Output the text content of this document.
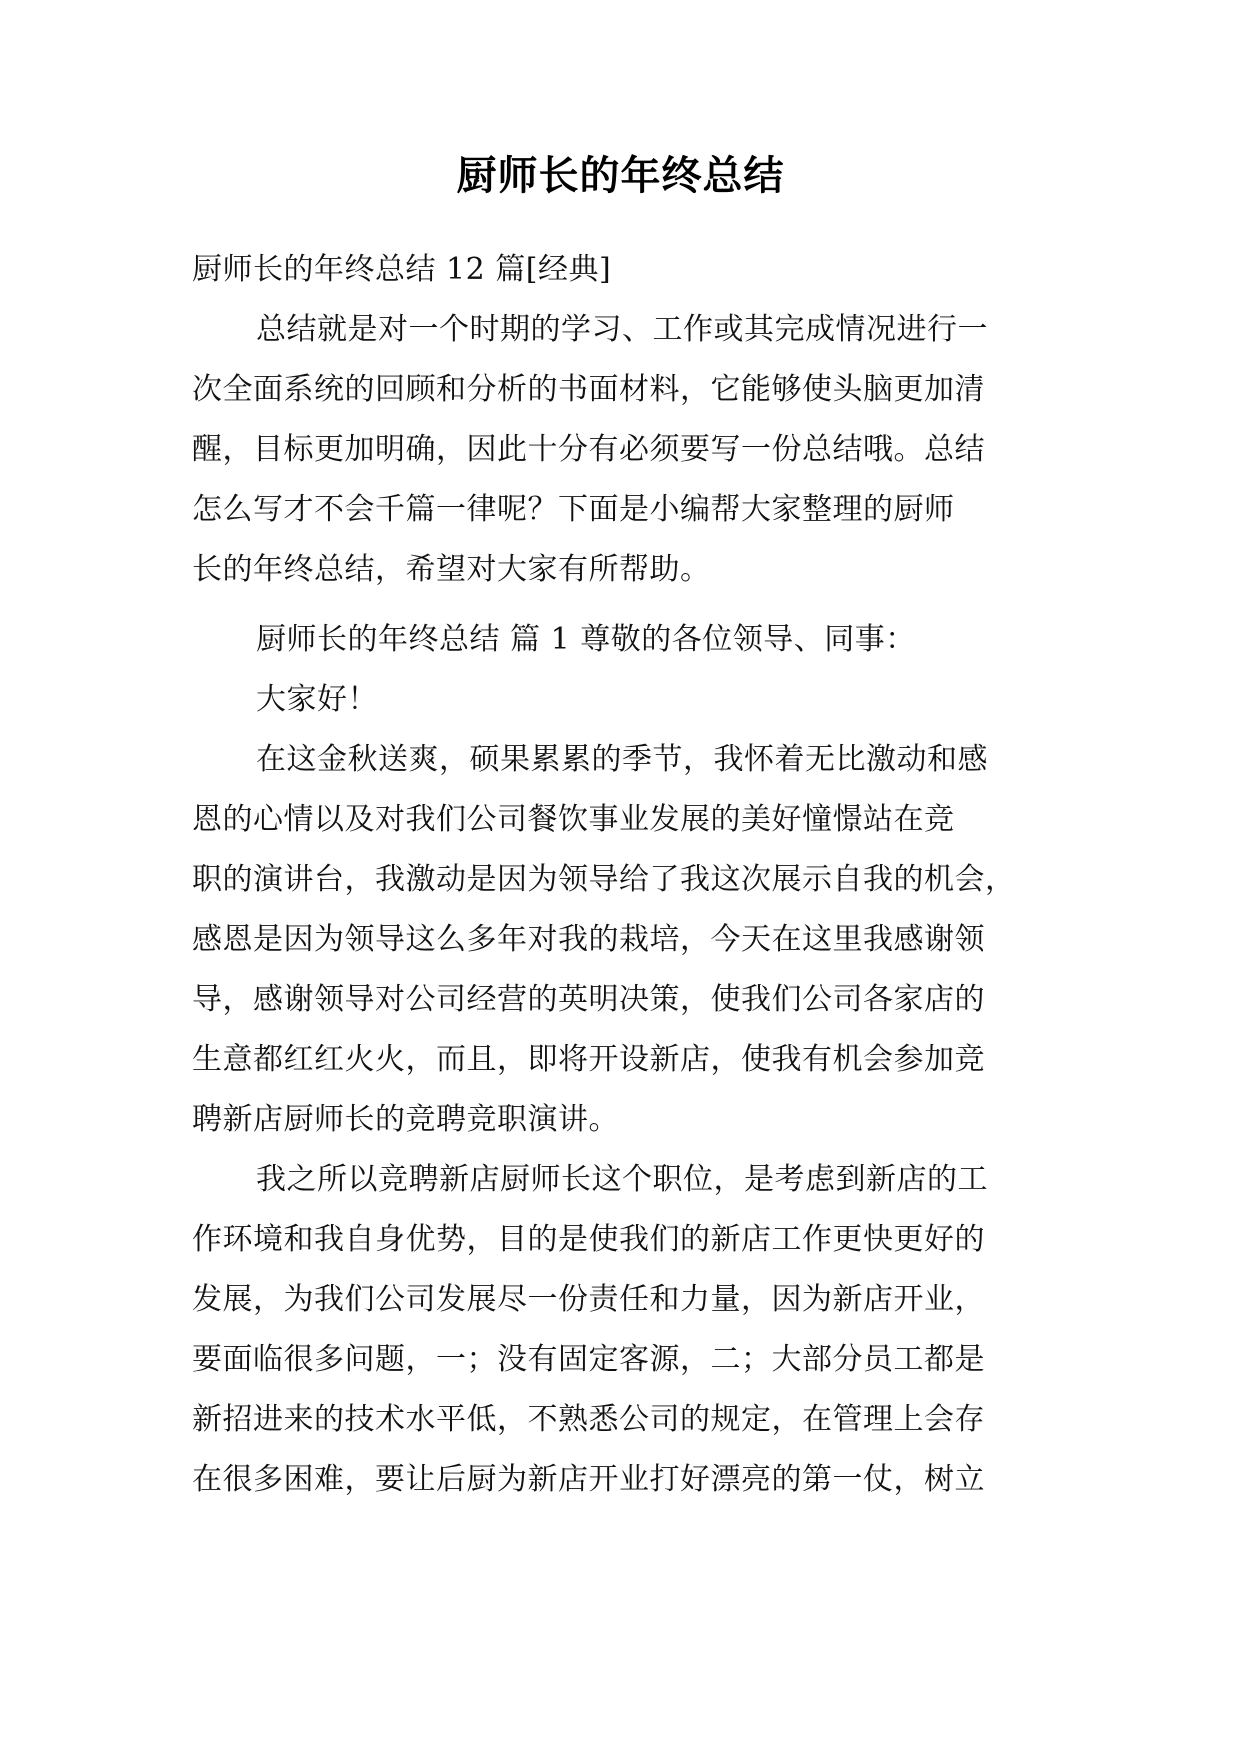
厨师长的年终总结
厨师长的年终总结 12 篇[经典]
总结就是对一个时期的学习、工作或其完成情况进行一
次全面系统的回顾和分析的书面材料，它能够使头脑更加清
醒，目标更加明确，因此十分有必须要写一份总结哦。总结
怎么写才不会千篇一律呢？下面是小编帮大家整理的厨师
长的年终总结，希望对大家有所帮助。
厨师长的年终总结 篇 1 尊敬的各位领导、同事：
大家好！
在这金秋送爽，硕果累累的季节，我怀着无比激动和感
恩的心情以及对我们公司餐饮事业发展的美好憧憬站在竞
职的演讲台，我激动是因为领导给了我这次展示自我的机会，
感恩是因为领导这么多年对我的栽培，今天在这里我感谢领
导，感谢领导对公司经营的英明决策，使我们公司各家店的
生意都红红火火，而且，即将开设新店，使我有机会参加竞
聘新店厨师长的竞聘竞职演讲。
我之所以竞聘新店厨师长这个职位，是考虑到新店的工
作环境和我自身优势，目的是使我们的新店工作更快更好的
发展，为我们公司发展尽一份责任和力量，因为新店开业，
要面临很多问题，一；没有固定客源，二；大部分员工都是
新招进来的技术水平低，不熟悉公司的规定，在管理上会存
在很多困难，要让后厨为新店开业打好漂亮的第一仗，树立
